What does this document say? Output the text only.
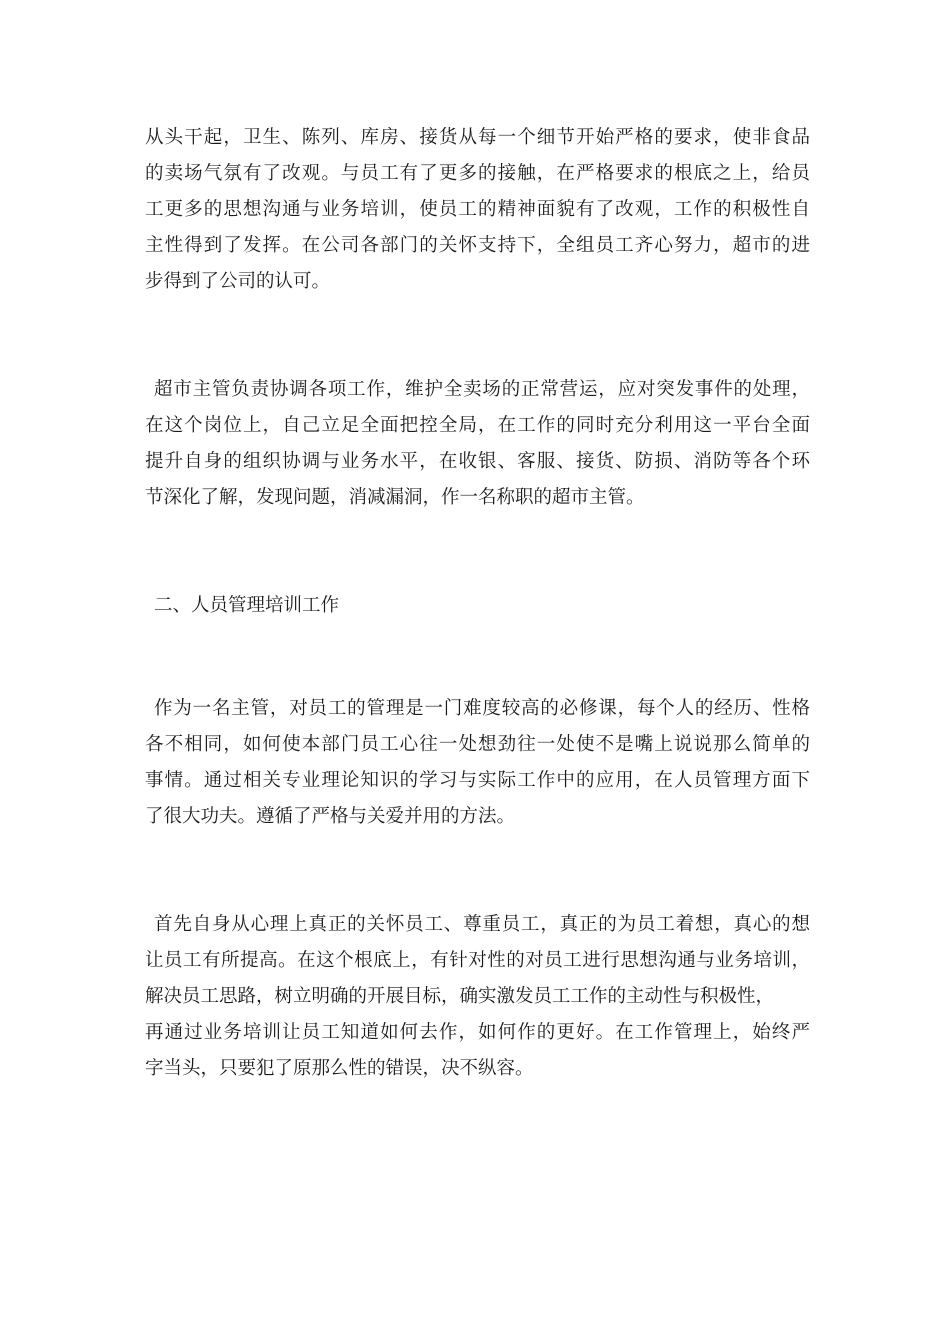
从头干起，卫生、陈列、库房、接货从每一个细节开始严格的要求，使非食品
的卖场气氛有了改观。与员工有了更多的接触，在严格要求的根底之上，给员
工更多的思想沟通与业务培训，使员工的精神面貌有了改观，工作的积极性自
主性得到了发挥。在公司各部门的关怀支持下，全组员工齐心努力，超市的进
步得到了公司的认可。
超市主管负责协调各项工作，维护全卖场的正常营运，应对突发事件的处理，
在这个岗位上，自己立足全面把控全局，在工作的同时充分利用这一平台全面
提升自身的组织协调与业务水平，在收银、客服、接货、防损、消防等各个环
节深化了解，发现问题，消减漏洞，作一名称职的超市主管。
二、人员管理培训工作
作为一名主管，对员工的管理是一门难度较高的必修课，每个人的经历、性格
各不相同，如何使本部门员工心往一处想劲往一处使不是嘴上说说那么简单的
事情。通过相关专业理论知识的学习与实际工作中的应用，在人员管理方面下
了很大功夫。遵循了严格与关爱并用的方法。
首先自身从心理上真正的关怀员工、尊重员工，真正的为员工着想，真心的想
让员工有所提高。在这个根底上，有针对性的对员工进行思想沟通与业务培训，
解决员工思路，树立明确的开展目标，确实激发员工工作的主动性与积极性，
再通过业务培训让员工知道如何去作，如何作的更好。在工作管理上，始终严
字当头，只要犯了原那么性的错误，决不纵容。
